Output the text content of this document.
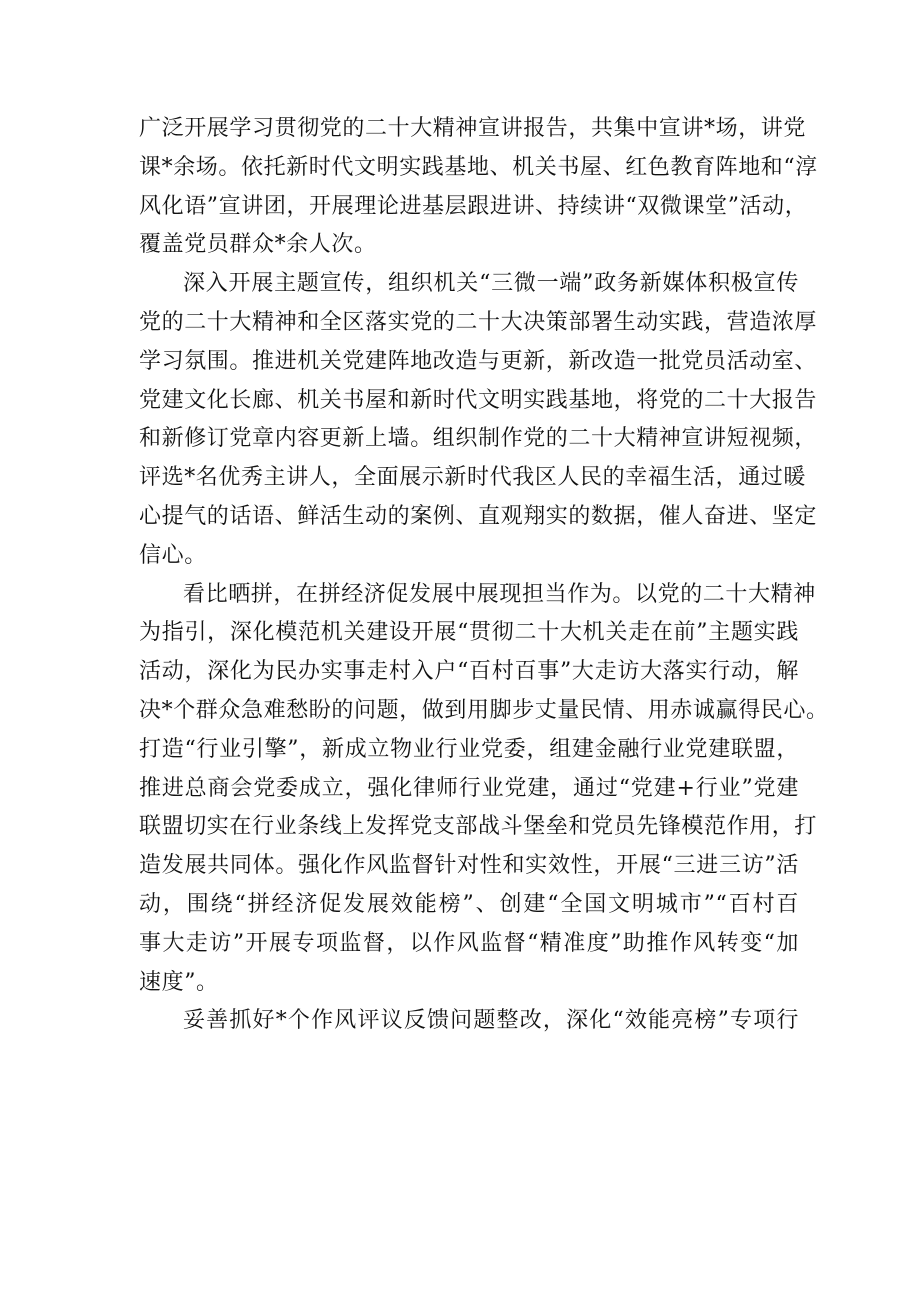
广泛开展学习贯彻党的二十大精神宣讲报告，共集中宣讲*场，讲党
课*余场。依托新时代文明实践基地、机关书屋、红色教育阵地和“淳
风化语”宣讲团，开展理论进基层跟进讲、持续讲“双微课堂”活动，
覆盖党员群众*余人次。
深入开展主题宣传，组织机关“三微一端”政务新媒体积极宣传
党的二十大精神和全区落实党的二十大决策部署生动实践，营造浓厚
学习氛围。推进机关党建阵地改造与更新，新改造一批党员活动室、
党建文化长廊、机关书屋和新时代文明实践基地，将党的二十大报告
和新修订党章内容更新上墙。组织制作党的二十大精神宣讲短视频，
评选*名优秀主讲人，全面展示新时代我区人民的幸福生活，通过暖
心提气的话语、鲜活生动的案例、直观翔实的数据，催人奋进、坚定
信心。
看比晒拼，在拼经济促发展中展现担当作为。以党的二十大精神
为指引，深化模范机关建设开展“贯彻二十大机关走在前”主题实践
活动，深化为民办实事走村入户“百村百事”大走访大落实行动，解
决*个群众急难愁盼的问题，做到用脚步丈量民情、用赤诚赢得民心。
打造“行业引擎”，新成立物业行业党委，组建金融行业党建联盟，
推进总商会党委成立，强化律师行业党建，通过“党建+行业”党建
联盟切实在行业条线上发挥党支部战斗堡垒和党员先锋模范作用，打
造发展共同体。强化作风监督针对性和实效性，开展“三进三访”活
动，围绕“拼经济促发展效能榜”、创建“全国文明城市”“百村百
事大走访”开展专项监督，以作风监督“精准度”助推作风转变“加
速度”。
妥善抓好*个作风评议反馈问题整改，深化“效能亮榜”专项行
